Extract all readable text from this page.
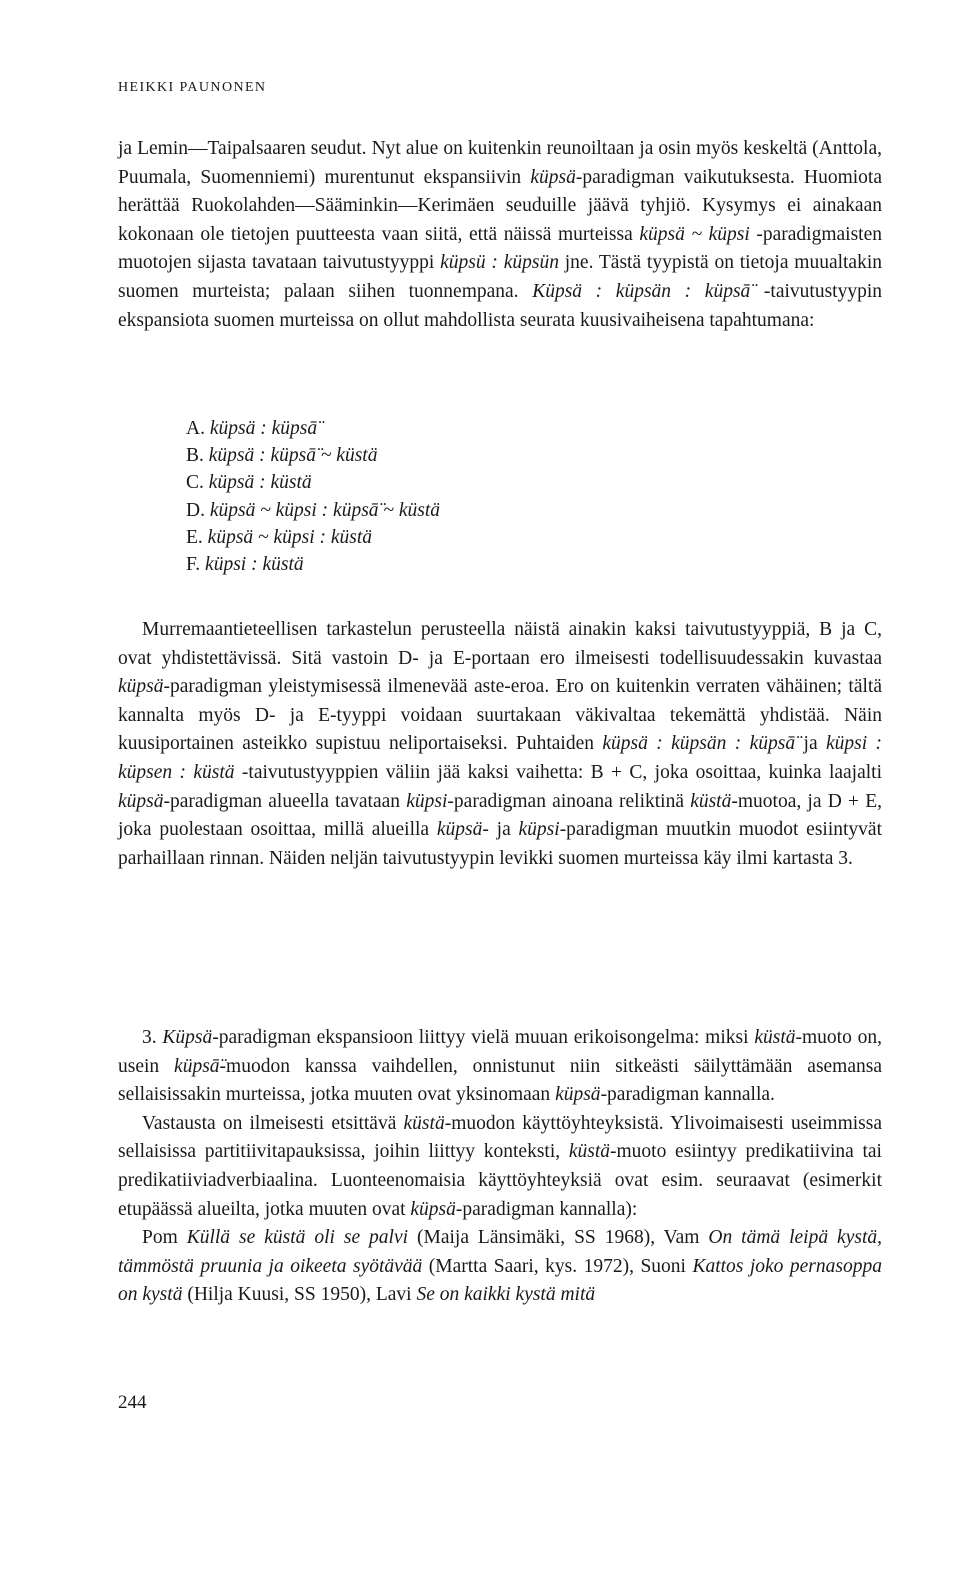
HEIKKI PAUNONEN

ja Lemin—Taipalsaaren seudut. Nyt alue on kuitenkin reunoiltaan ja osin myös keskeltä (Anttola, Puumala, Suomenniemi) murentunut ekspansiivin küpsä-paradigman vaikutuksesta. Huomiota herättää Ruokolahden—Sääminkin—Kerimäen seuduille jäävä tyhjiö. Kysymys ei ainakaan kokonaan ole tietojen puutteesta vaan siitä, että näissä murteissa küpsä ~ küpsi -paradigmaisten muotojen sijasta tavataan taivutustyyppi küpsü : küpsün jne. Tästä tyypistä on tietoja muualtakin suomen murteista; palaan siihen tuonnempana. Küpsä : küpsän : küpsā̈ -taivutustyypin ekspansiota suomen murteissa on ollut mahdollista seurata kuusivaiheisena tapahtumana:

A. küpsä : küpsā̈
B. küpsä : küpsā̈ ~ küstä
C. küpsä : küstä
D. küpsä ~ küpsi : küpsā̈ ~ küstä
E. küpsä ~ küpsi : küstä
F. küpsi : küstä

Murremaantieteellisen tarkastelun perusteella näistä ainakin kaksi taivutustyyppiä, B ja C, ovat yhdistettävissä. Sitä vastoin D- ja E-portaan ero ilmeisesti todellisuudessakin kuvastaa küpsä-paradigman yleistymisessä ilmenevää aste-eroa. Ero on kuitenkin verraten vähäinen; tältä kannalta myös D- ja E-tyyppi voidaan suurtakaan väkivaltaa tekemättä yhdistää. Näin kuusiportainen asteikko supistuu neliportaiseksi. Puhtaiden küpsä : küpsän : küpsā̈ ja küpsi : küpsen : küstä -taivutustyyppien väliin jää kaksi vaihetta: B + C, joka osoittaa, kuinka laajalti küpsä-paradigman alueella tavataan küpsi-paradigman ainoana reliktinä küstä-muotoa, ja D + E, joka puolestaan osoittaa, millä alueilla küpsä- ja küpsi-paradigman muutkin muodot esiintyvät parhaillaan rinnan. Näiden neljän taivutustyypin levikki suomen murteissa käy ilmi kartasta 3.

3. Küpsä-paradigman ekspansioon liittyy vielä muuan erikoisongelma: miksi küstä-muoto on, usein küpsā̈-muodon kanssa vaihdellen, onnistunut niin sitkeästi säilyttämään asemansa sellaisissakin murteissa, jotka muuten ovat yksinomaan küpsä-paradigman kannalla.

Vastausta on ilmeisesti etsittävä küstä-muodon käyttöyhteyksistä. Ylivoimaisesti useimmissa sellaisissa partitiivitapauksissa, joihin liittyy konteksti, küstä-muoto esiintyy predikatiivina tai predikatiiviadverbiaalina. Luonteenomaisia käyttöyhteyksiä ovat esim. seuraavat (esimerkit etupäässä alueilta, jotka muuten ovat küpsä-paradigman kannalla):

Pom Küllä se küstä oli se palvi (Maija Länsimäki, SS 1968), Vam On tämä leipä kystä, tämmöstä pruunia ja oikeeta syötävää (Martta Saari, kys. 1972), Suoni Kattos joko pernasoppa on kystä (Hilja Kuusi, SS 1950), Lavi Se on kaikki kystä mitä

244
